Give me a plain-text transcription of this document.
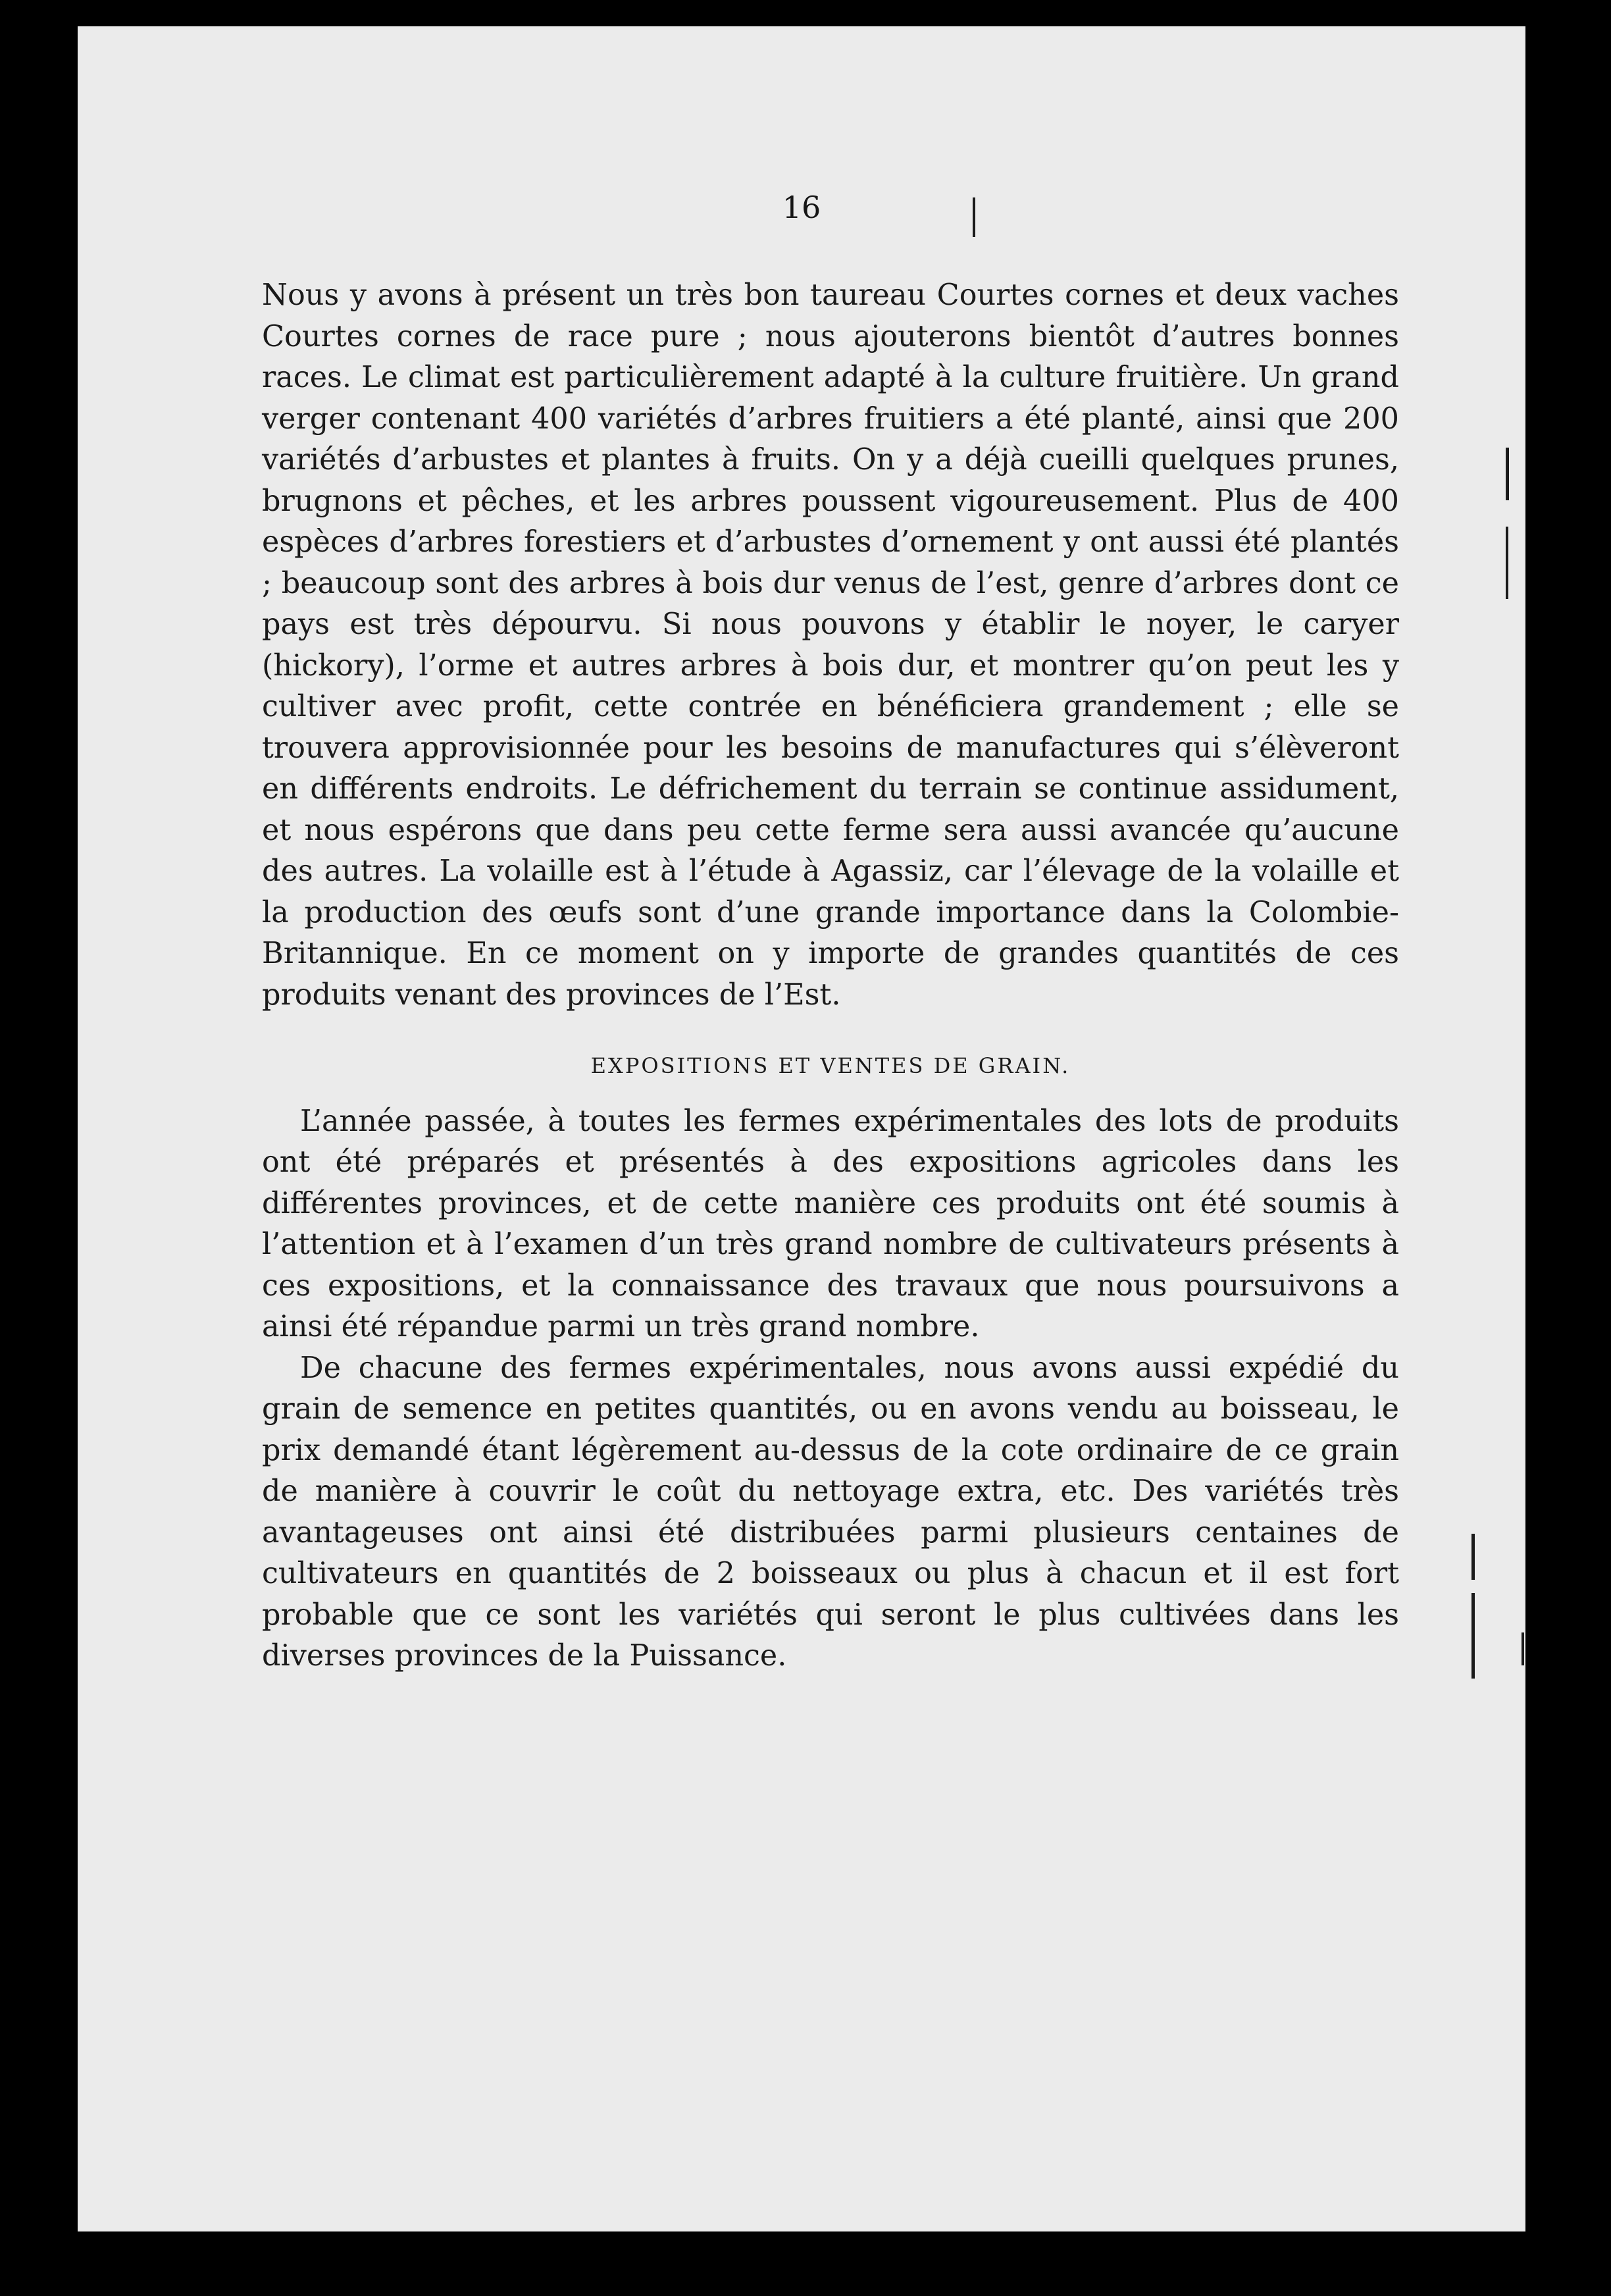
16

Nous y avons à présent un très bon taureau Courtes cornes et deux vaches Courtes cornes de race pure ; nous ajouterons bientôt d’autres bonnes races. Le climat est particulièrement adapté à la culture fruitière. Un grand verger contenant 400 variétés d’arbres fruitiers a été planté, ainsi que 200 variétés d’arbustes et plantes à fruits. On y a déjà cueilli quelques prunes, brugnons et pêches, et les arbres poussent vigoureusement. Plus de 400 espèces d’arbres forestiers et d’arbustes d’ornement y ont aussi été plantés ; beaucoup sont des arbres à bois dur venus de l’est, genre d’arbres dont ce pays est très dépourvu. Si nous pouvons y établir le noyer, le caryer (hickory), l’orme et autres arbres à bois dur, et montrer qu’on peut les y cultiver avec profit, cette contrée en bénéficiera grandement ; elle se trouvera approvisionnée pour les besoins de manufactures qui s’élèveront en différents endroits. Le défrichement du terrain se continue assidument, et nous espérons que dans peu cette ferme sera aussi avancée qu’aucune des autres. La volaille est à l’étude à Agassiz, car l’élevage de la volaille et la production des œufs sont d’une grande importance dans la Colombie-Britannique. En ce moment on y importe de grandes quantités de ces produits venant des provinces de l’Est.

EXPOSITIONS ET VENTES DE GRAIN.

L’année passée, à toutes les fermes expérimentales des lots de produits ont été préparés et présentés à des expositions agricoles dans les différentes provinces, et de cette manière ces produits ont été soumis à l’attention et à l’examen d’un très grand nombre de cultivateurs présents à ces expositions, et la connaissance des travaux que nous poursuivons a ainsi été répandue parmi un très grand nombre.

De chacune des fermes expérimentales, nous avons aussi expédié du grain de semence en petites quantités, ou en avons vendu au boisseau, le prix demandé étant légèrement au-dessus de la cote ordinaire de ce grain de manière à couvrir le coût du nettoyage extra, etc. Des variétés très avantageuses ont ainsi été distribuées parmi plusieurs centaines de cultivateurs en quantités de 2 boisseaux ou plus à chacun et il est fort probable que ce sont les variétés qui seront le plus cultivées dans les diverses provinces de la Puissance.
